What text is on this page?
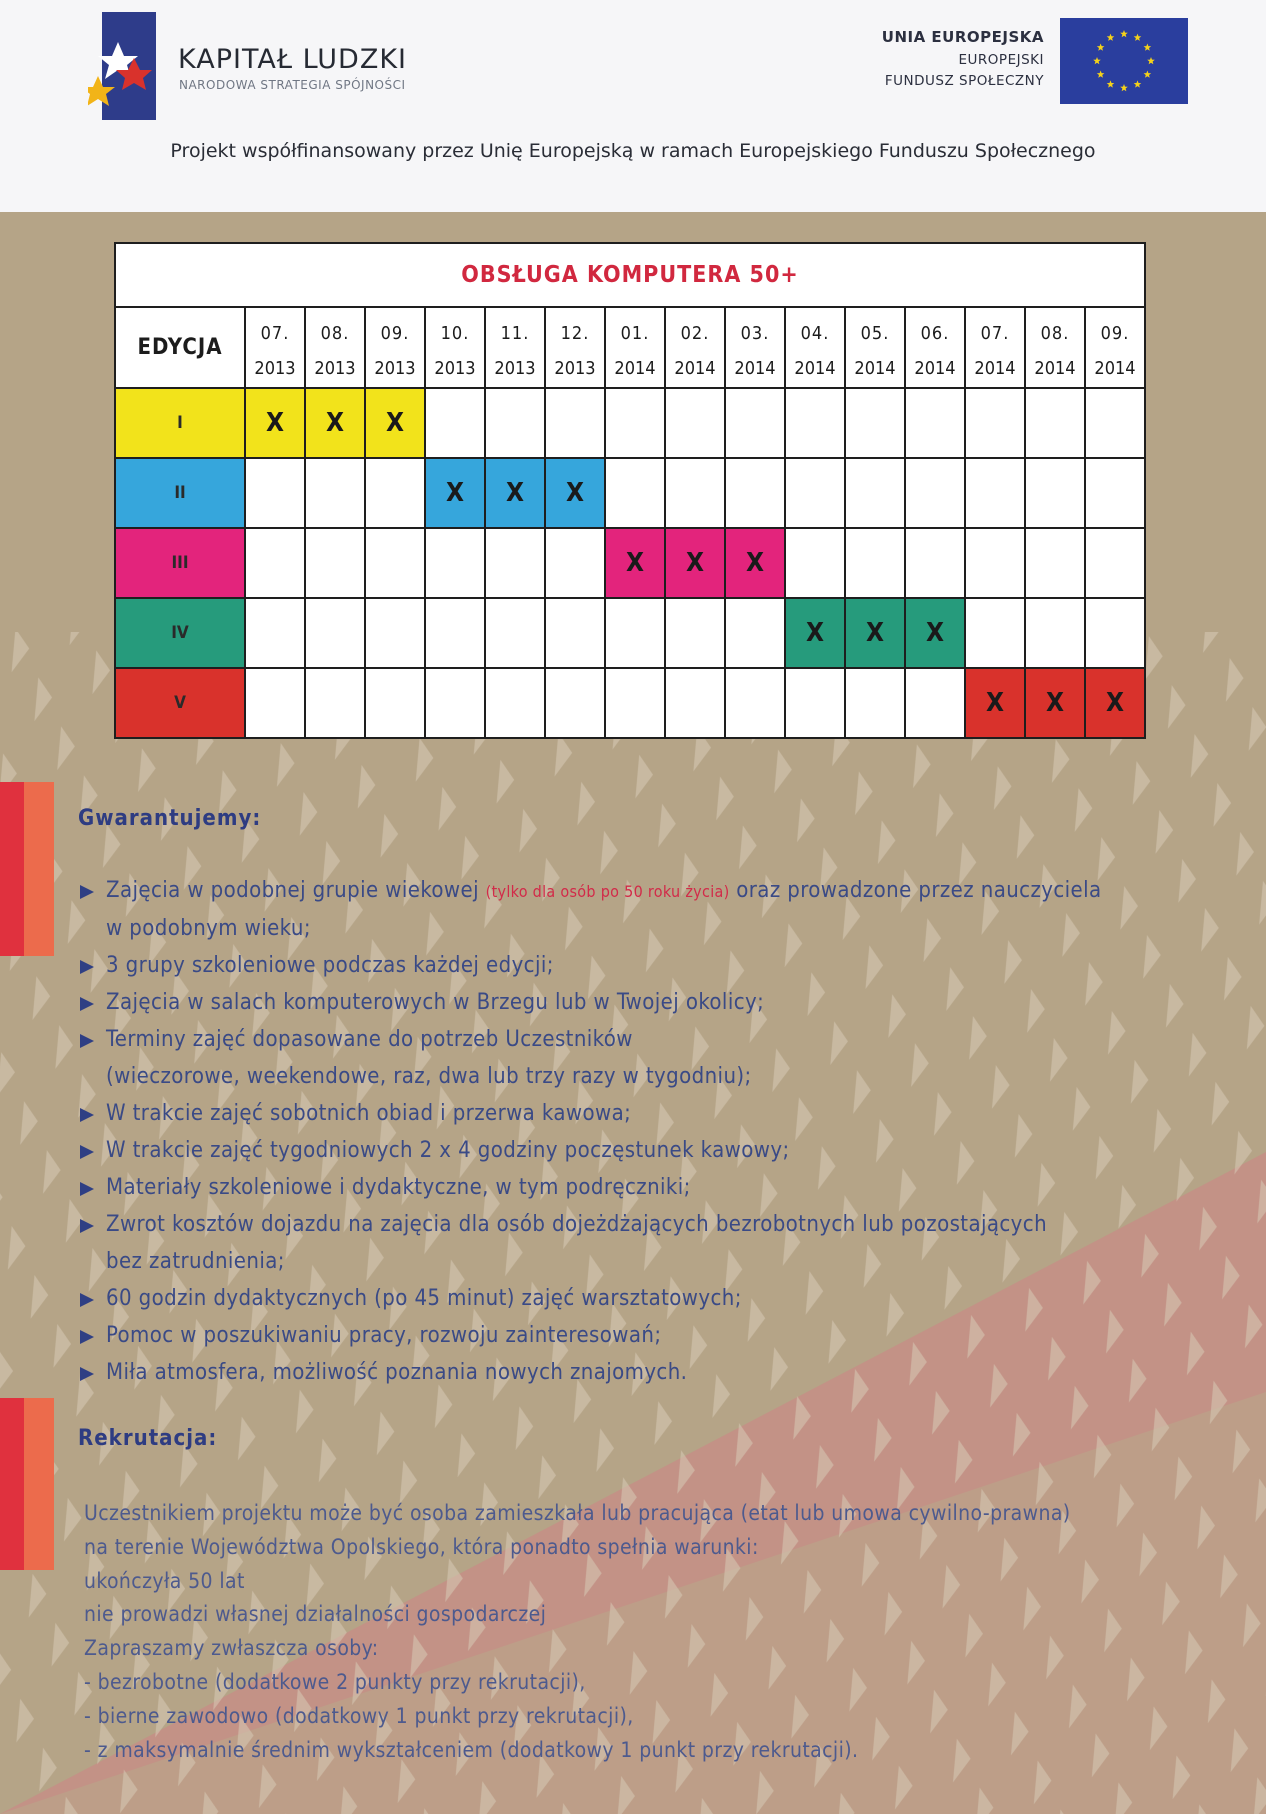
KAPITAŁ LUDZKI
NARODOWA STRATEGIA SPÓJNOŚCI
UNIA EUROPEJSKA
EUROPEJSKI
FUNDUSZ SPOŁECZNY
Projekt współfinansowany przez Unię Europejską w ramach Europejskiego Funduszu Społecznego
OBSŁUGA KOMPUTERA 50+															
EDYCJA	07.	08.	09.	10.	11.	12.	01.	02.	03.	04.	05.	06.	07.	08.	09.
	2013	2013	2013	2013	2013	2013	2014	2014	2014	2014	2014	2014	2014	2014	2014
I	X	X	X												
II				X	X	X									
III							X	X	X						
IV										X	X	X			
V													X	X	X
Gwarantujemy:
Zajęcia w podobnej grupie wiekowej (tylko dla osób po 50 roku życia) oraz prowadzone przez nauczyciela
w podobnym wieku;
3 grupy szkoleniowe podczas każdej edycji;
Zajęcia w salach komputerowych w Brzegu lub w Twojej okolicy;
Terminy zajęć dopasowane do potrzeb Uczestników
(wieczorowe, weekendowe, raz, dwa lub trzy razy w tygodniu);
W trakcie zajęć sobotnich obiad i przerwa kawowa;
W trakcie zajęć tygodniowych 2 x 4 godziny poczęstunek kawowy;
Materiały szkoleniowe i dydaktyczne, w tym podręczniki;
Zwrot kosztów dojazdu na zajęcia dla osób dojeżdżających bezrobotnych lub pozostających
bez zatrudnienia;
60 godzin dydaktycznych (po 45 minut) zajęć warsztatowych;
Pomoc w poszukiwaniu pracy, rozwoju zainteresowań;
Miła atmosfera, możliwość poznania nowych znajomych.
Rekrutacja:

Uczestnikiem projektu może być osoba zamieszkała lub pracująca (etat lub umowa cywilno-prawna)

na terenie Województwa Opolskiego, która ponadto spełnia warunki:

ukończyła 50 lat

nie prowadzi własnej działalności gospodarczej

Zapraszamy zwłaszcza osoby:

- bezrobotne (dodatkowe 2 punkty przy rekrutacji),

- bierne zawodowo (dodatkowy 1 punkt przy rekrutacji),

- z maksymalnie średnim wykształceniem (dodatkowy 1 punkt przy rekrutacji).
